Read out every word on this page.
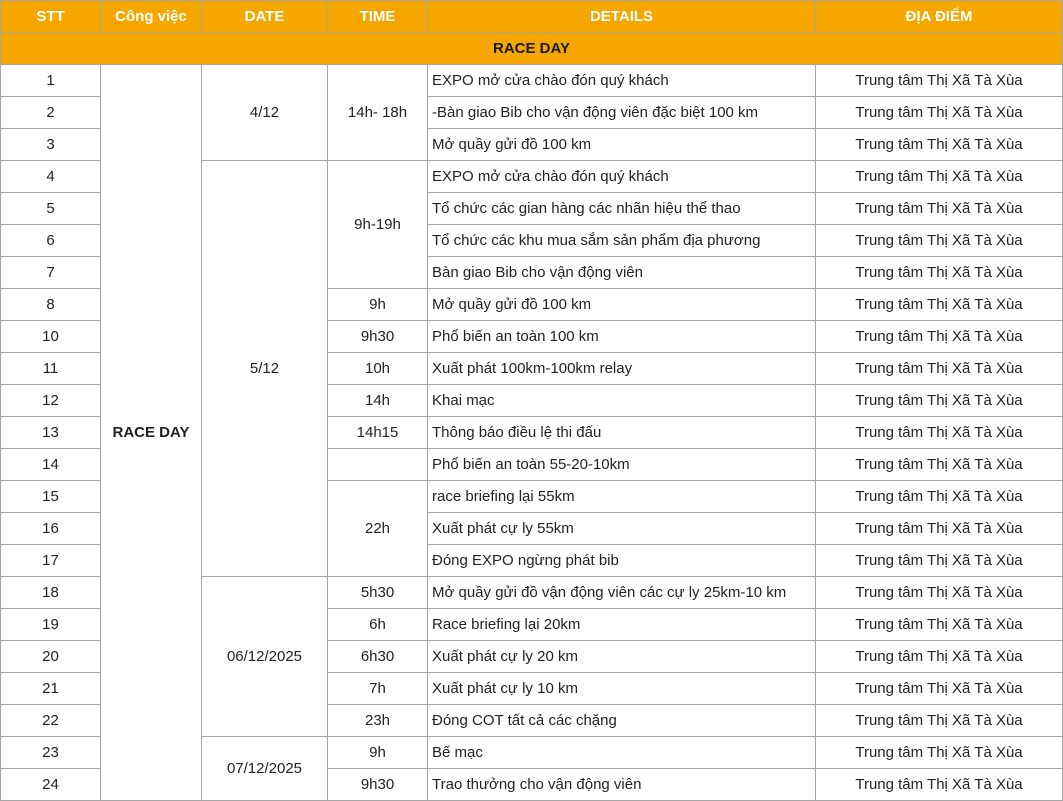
STT	Công việc	DATE	TIME	DETAILS	ĐỊA ĐIỂM
RACE DAY					
1	RACE DAY	4/12	14h- 18h	EXPO mở cửa chào đón quý khách	Trung tâm Thị Xã Tà Xùa
2				-Bàn giao Bib cho vận động viên đặc biệt 100 km	Trung tâm Thị Xã Tà Xùa
3				Mở quầy gửi đồ 100 km	Trung tâm Thị Xã Tà Xùa
4		5/12	9h-19h	EXPO mở cửa chào đón quý khách	Trung tâm Thị Xã Tà Xùa
5				Tổ chức các gian hàng các nhãn hiệu thể thao	Trung tâm Thị Xã Tà Xùa
6				Tổ chức các khu mua sắm sản phẩm địa phương	Trung tâm Thị Xã Tà Xùa
7				Bàn giao Bib cho vận động viên	Trung tâm Thị Xã Tà Xùa
8			9h	Mở quầy gửi đồ 100 km	Trung tâm Thị Xã Tà Xùa
10			9h30	Phổ biến an toàn 100 km	Trung tâm Thị Xã Tà Xùa
11			10h	Xuất phát 100km-100km relay	Trung tâm Thị Xã Tà Xùa
12			14h	Khai mạc	Trung tâm Thị Xã Tà Xùa
13			14h15	Thông báo điều lệ thi đấu	Trung tâm Thị Xã Tà Xùa
14				Phổ biến an toàn 55-20-10km	Trung tâm Thị Xã Tà Xùa
15			22h	race briefing lại 55km	Trung tâm Thị Xã Tà Xùa
16				Xuất phát cự ly 55km	Trung tâm Thị Xã Tà Xùa
17				Đóng EXPO ngừng phát bib	Trung tâm Thị Xã Tà Xùa
18		06/12/2025	5h30	Mở quầy gửi đồ vận động viên các cự ly 25km-10 km	Trung tâm Thị Xã Tà Xùa
19			6h	Race briefing lại 20km	Trung tâm Thị Xã Tà Xùa
20			6h30	Xuất phát cự ly 20 km	Trung tâm Thị Xã Tà Xùa
21			7h	Xuất phát cự ly 10 km	Trung tâm Thị Xã Tà Xùa
22			23h	Đóng COT tất cả các chặng	Trung tâm Thị Xã Tà Xùa
23		07/12/2025	9h	Bế mạc	Trung tâm Thị Xã Tà Xùa
24			9h30	Trao thưởng cho vận động viên	Trung tâm Thị Xã Tà Xùa
